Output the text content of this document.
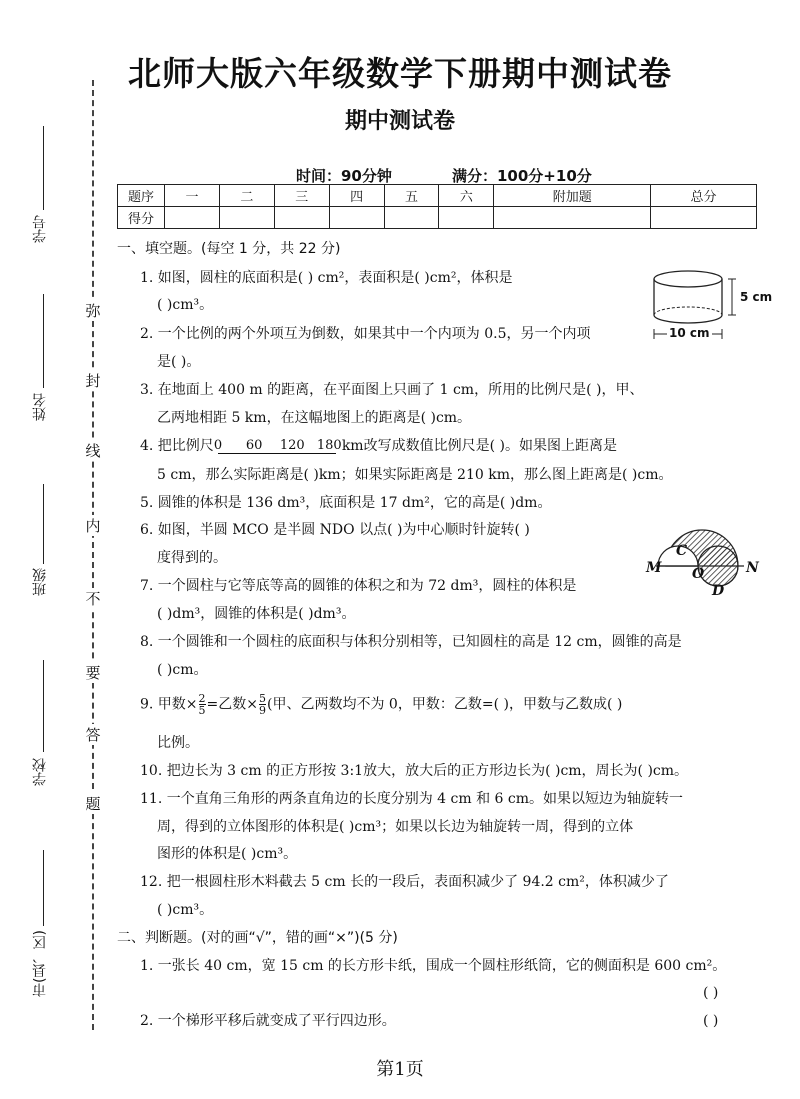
北师大版六年级数学下册期中测试卷
期中测试卷
时间：90分钟	满分：100分+10分
学号
姓名
班级
学校
市(县、区)
弥
封
线
内
不
要
答
题
题序	一	二	三	四	五	六	附加题	总分
得分								
一、填空题。(每空 1 分，共 22 分)
1. 如图，圆柱的底面积是( ) cm²，表面积是( )cm²，体积是
( )cm³。	5 cm
10 cm
2. 一个比例的两个外项互为倒数，如果其中一个内项为 0.5，另一个内项
是( )。
3. 在地面上 400 m 的距离，在平面图上只画了 1 cm，所用的比例尺是( )，甲、
乙两地相距 5 km，在这幅地图上的距离是( )cm。
4. 把比例尺 0 60 120 180 km改写成数值比例尺是( )。如果图上距离是
5 cm，那么实际距离是( )km；如果实际距离是 210 km，那么图上距离是( )cm。
5. 圆锥的体积是 136 dm³，底面积是 17 dm²，它的高是( )dm。
6. 如图，半圆 MCO 是半圆 NDO 以点( )为中心顺时针旋转( )
度得到的。
M
C
O	N
D
7. 一个圆柱与它等底等高的圆锥的体积之和为 72 dm³，圆柱的体积是
( )dm³，圆锥的体积是( )dm³。
8. 一个圆锥和一个圆柱的底面积与体积分别相等，已知圆柱的高是 12 cm，圆锥的高是
( )cm。
9. 甲数× $\frac{2}{5}$ =乙数× $\frac{5}{9}$ (甲、乙两数均不为 0，甲数：乙数=( )，甲数与乙数成( )
比例。
10. 把边长为 3 cm 的正方形按 3:1放大，放大后的正方形边长为( )cm，周长为( )cm。
11. 一个直角三角形的两条直角边的长度分别为 4 cm 和 6 cm。如果以短边为轴旋转一
周，得到的立体图形的体积是( )cm³；如果以长边为轴旋转一周，得到的立体
图形的体积是( )cm³。
12. 把一根圆柱形木料截去 5 cm 长的一段后，表面积减少了 94.2 cm²，体积减少了
( )cm³。
二、判断题。(对的画“√”，错的画“×”)(5 分)
1. 一张长 40 cm，宽 15 cm 的长方形卡纸，围成一个圆柱形纸筒，它的侧面积是 600 cm²。
( )
2. 一个梯形平移后就变成了平行四边形。	( )
第1页
